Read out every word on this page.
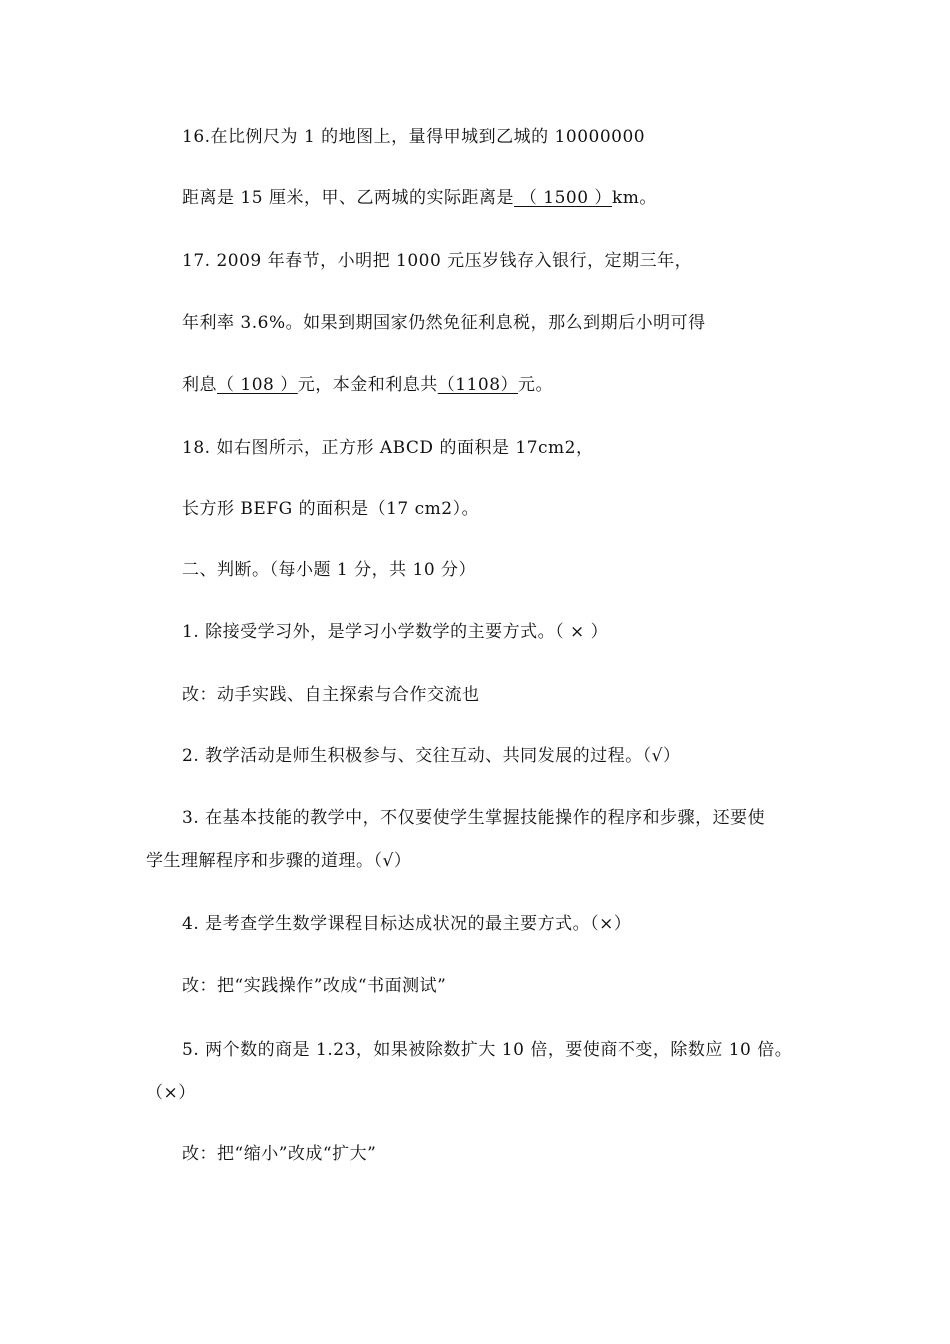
16.在比例尺为 1 的地图上，量得甲城到乙城的 10000000
距离是 15 厘米，甲、乙两城的实际距离是 （ 1500 ）km。
17. 2009 年春节，小明把 1000 元压岁钱存入银行，定期三年，
年利率 3.6%。如果到期国家仍然免征利息税，那么到期后小明可得
利息（ 108 ）元，本金和利息共（1108）元。
18. 如右图所示，正方形 ABCD 的面积是 17cm2，
长方形 BEFG 的面积是（17 cm2）。
二、判断。（每小题 1 分，共 10 分）
1. 除接受学习外，是学习小学数学的主要方式。（ × ）
改：动手实践、自主探索与合作交流也
2. 教学活动是师生积极参与、交往互动、共同发展的过程。（√）
3. 在基本技能的教学中，不仅要使学生掌握技能操作的程序和步骤，还要使
学生理解程序和步骤的道理。（√）
4. 是考查学生数学课程目标达成状况的最主要方式。（×）
改：把“实践操作”改成“书面测试”
5. 两个数的商是 1.23，如果被除数扩大 10 倍，要使商不变，除数应 10 倍。
（×）
改：把“缩小”改成“扩大”
